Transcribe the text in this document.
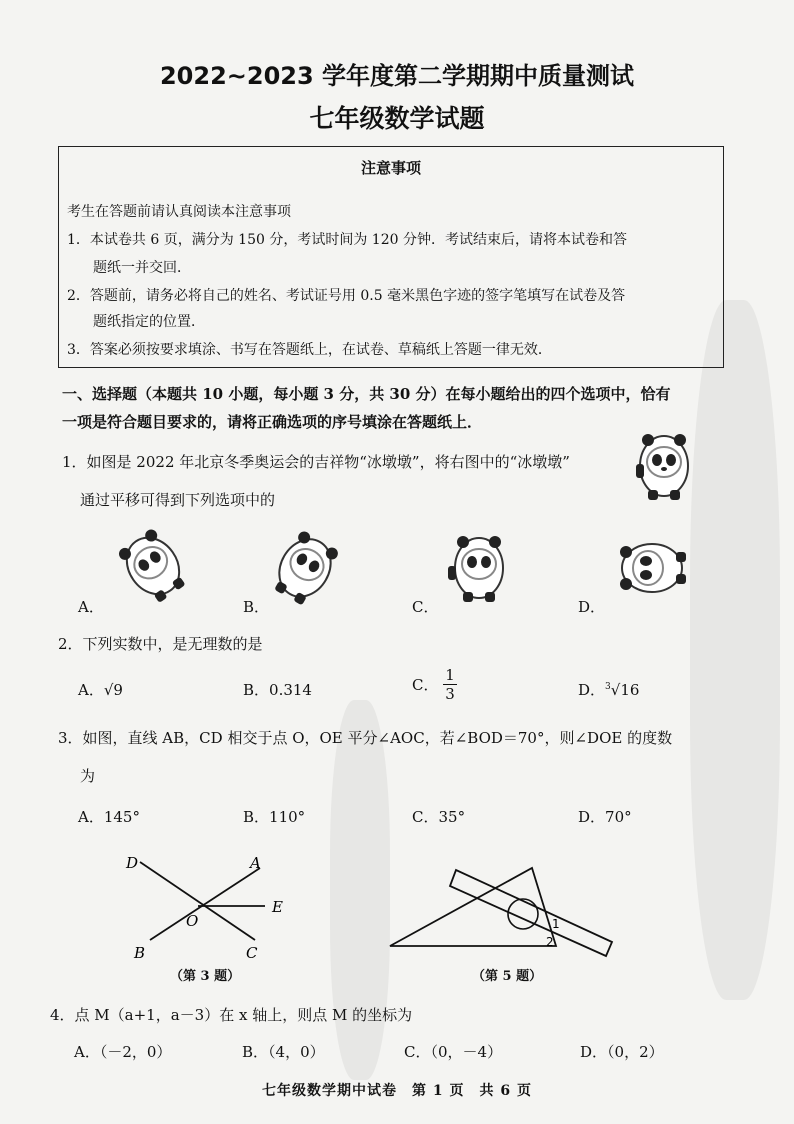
2022~2023 学年度第二学期期中质量测试
七年级数学试题
注意事项
考生在答题前请认真阅读本注意事项
1．本试卷共 6 页，满分为 150 分，考试时间为 120 分钟．考试结束后，请将本试卷和答
题纸一并交回．
2．答题前，请务必将自己的姓名、考试证号用 0.5 毫米黑色字迹的签字笔填写在试卷及答
题纸指定的位置．
3．答案必须按要求填涂、书写在答题纸上，在试卷、草稿纸上答题一律无效．
一、选择题（本题共 10 小题，每小题 3 分，共 30 分）在每小题给出的四个选项中，恰有
一项是符合题目要求的，请将正确选项的序号填涂在答题纸上．
1．如图是 2022 年北京冬季奥运会的吉祥物“冰墩墩”，将右图中的“冰墩墩”
通过平移可得到下列选项中的
A．	B．	C．	D．
2．下列实数中，是无理数的是
A．√9	B．0.314	C． $\frac{1}{3}$	D．$^3$√16
3．如图，直线 AB，CD 相交于点 O，OE 平分∠AOC，若∠BOD＝70°，则∠DOE 的度数
为
A．145°	B．110°	C．35°	D．70°
D	A
O
E
B	C
（第 3 题）
1
2
（第 5 题）
4．点 M（a+1，a－3）在 x 轴上，则点 M 的坐标为
A．（－2，0）	B．（4，0）	C．（0，－4）	D．（0，2）
七年级数学期中试卷　第 1 页　共 6 页
